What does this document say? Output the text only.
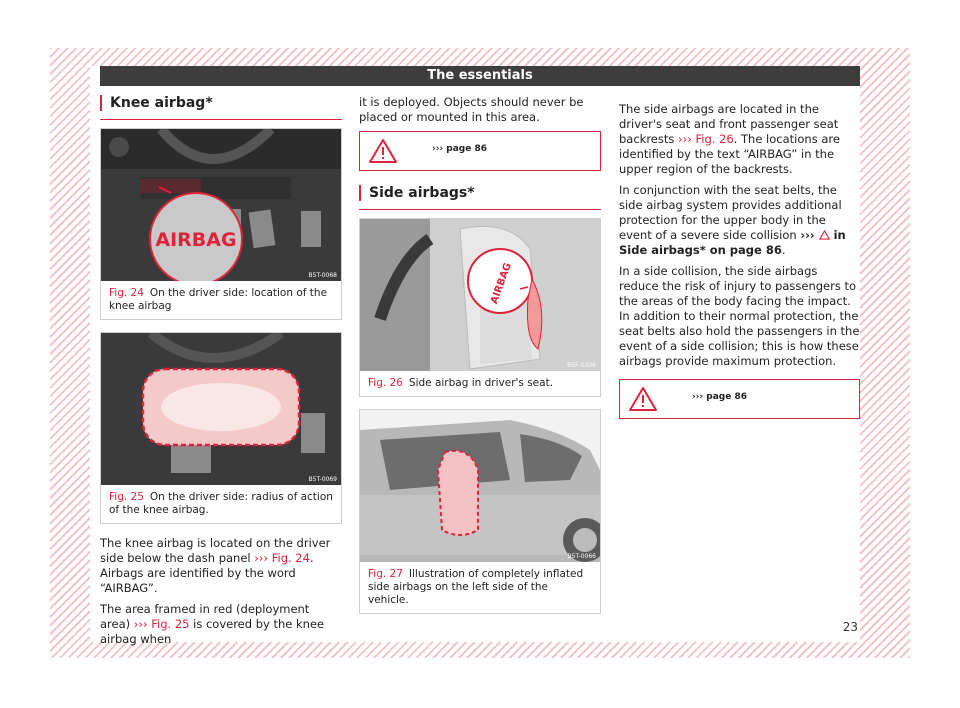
The essentials
Knee airbag*
AIRBAG
B5T-0068
Fig. 24 On the driver side: location of the knee airbag
B5T-0069
Fig. 25 On the driver side: radius of action of the knee airbag.

The knee airbag is located on the driver side below the dash panel ››› Fig. 24. Airbags are identified by the word “AIRBAG”.

The area framed in red (deployment area) ››› Fig. 25 is covered by the knee airbag when

it is deployed. Objects should never be placed or mounted in this area.

››› page 86
Side airbags*
AIRBAG
B5F-0306
Fig. 26 Side airbag in driver's seat.
B5T-0066
Fig. 27 Illustration of completely inflated side airbags on the left side of the vehicle.

The side airbags are located in the driver's seat and front passenger seat backrests ››› Fig. 26. The locations are identified by the text “AIRBAG” in the upper region of the backrests.

In conjunction with the seat belts, the side airbag system provides additional protection for the upper body in the event of a severe side collision ›››  in Side airbags* on page 86.

In a side collision, the side airbags reduce the risk of injury to passengers to the areas of the body facing the impact. In addition to their normal protection, the seat belts also hold the passengers in the event of a side collision; this is how these airbags provide maximum protection.

››› page 86
23
